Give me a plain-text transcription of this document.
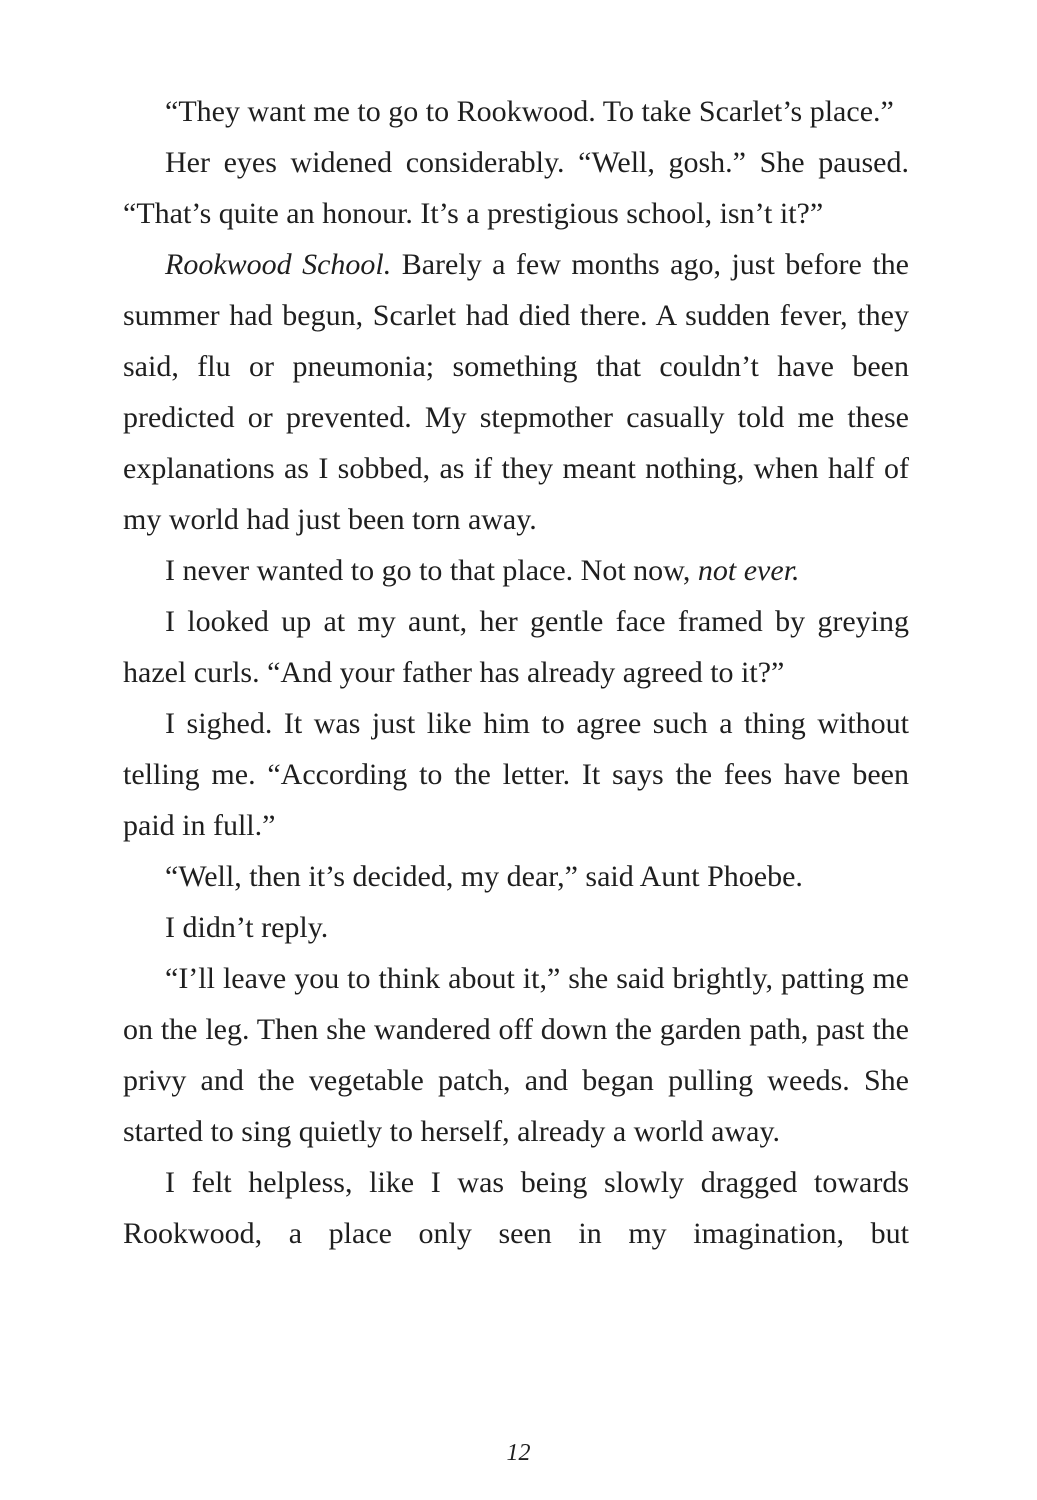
“They want me to go to Rookwood. To take Scarlet’s place.”

Her eyes widened considerably. “Well, gosh.” She paused. “That’s quite an honour. It’s a prestigious school, isn’t it?”

Rookwood School. Barely a few months ago, just before the summer had begun, Scarlet had died there. A sudden fever, they said, flu or pneumonia; something that couldn’t have been predicted or prevented. My stepmother casually told me these explanations as I sobbed, as if they meant nothing, when half of my world had just been torn away.

I never wanted to go to that place. Not now, not ever.

I looked up at my aunt, her gentle face framed by greying hazel curls. “And your father has already agreed to it?”

I sighed. It was just like him to agree such a thing without telling me. “According to the letter. It says the fees have been paid in full.”

“Well, then it’s decided, my dear,” said Aunt Phoebe.

I didn’t reply.

“I’ll leave you to think about it,” she said brightly, patting me on the leg. Then she wandered off down the garden path, past the privy and the vegetable patch, and began pulling weeds. She started to sing quietly to herself, already a world away.

I felt helpless, like I was being slowly dragged towards Rookwood, a place only seen in my imagination, but

12
